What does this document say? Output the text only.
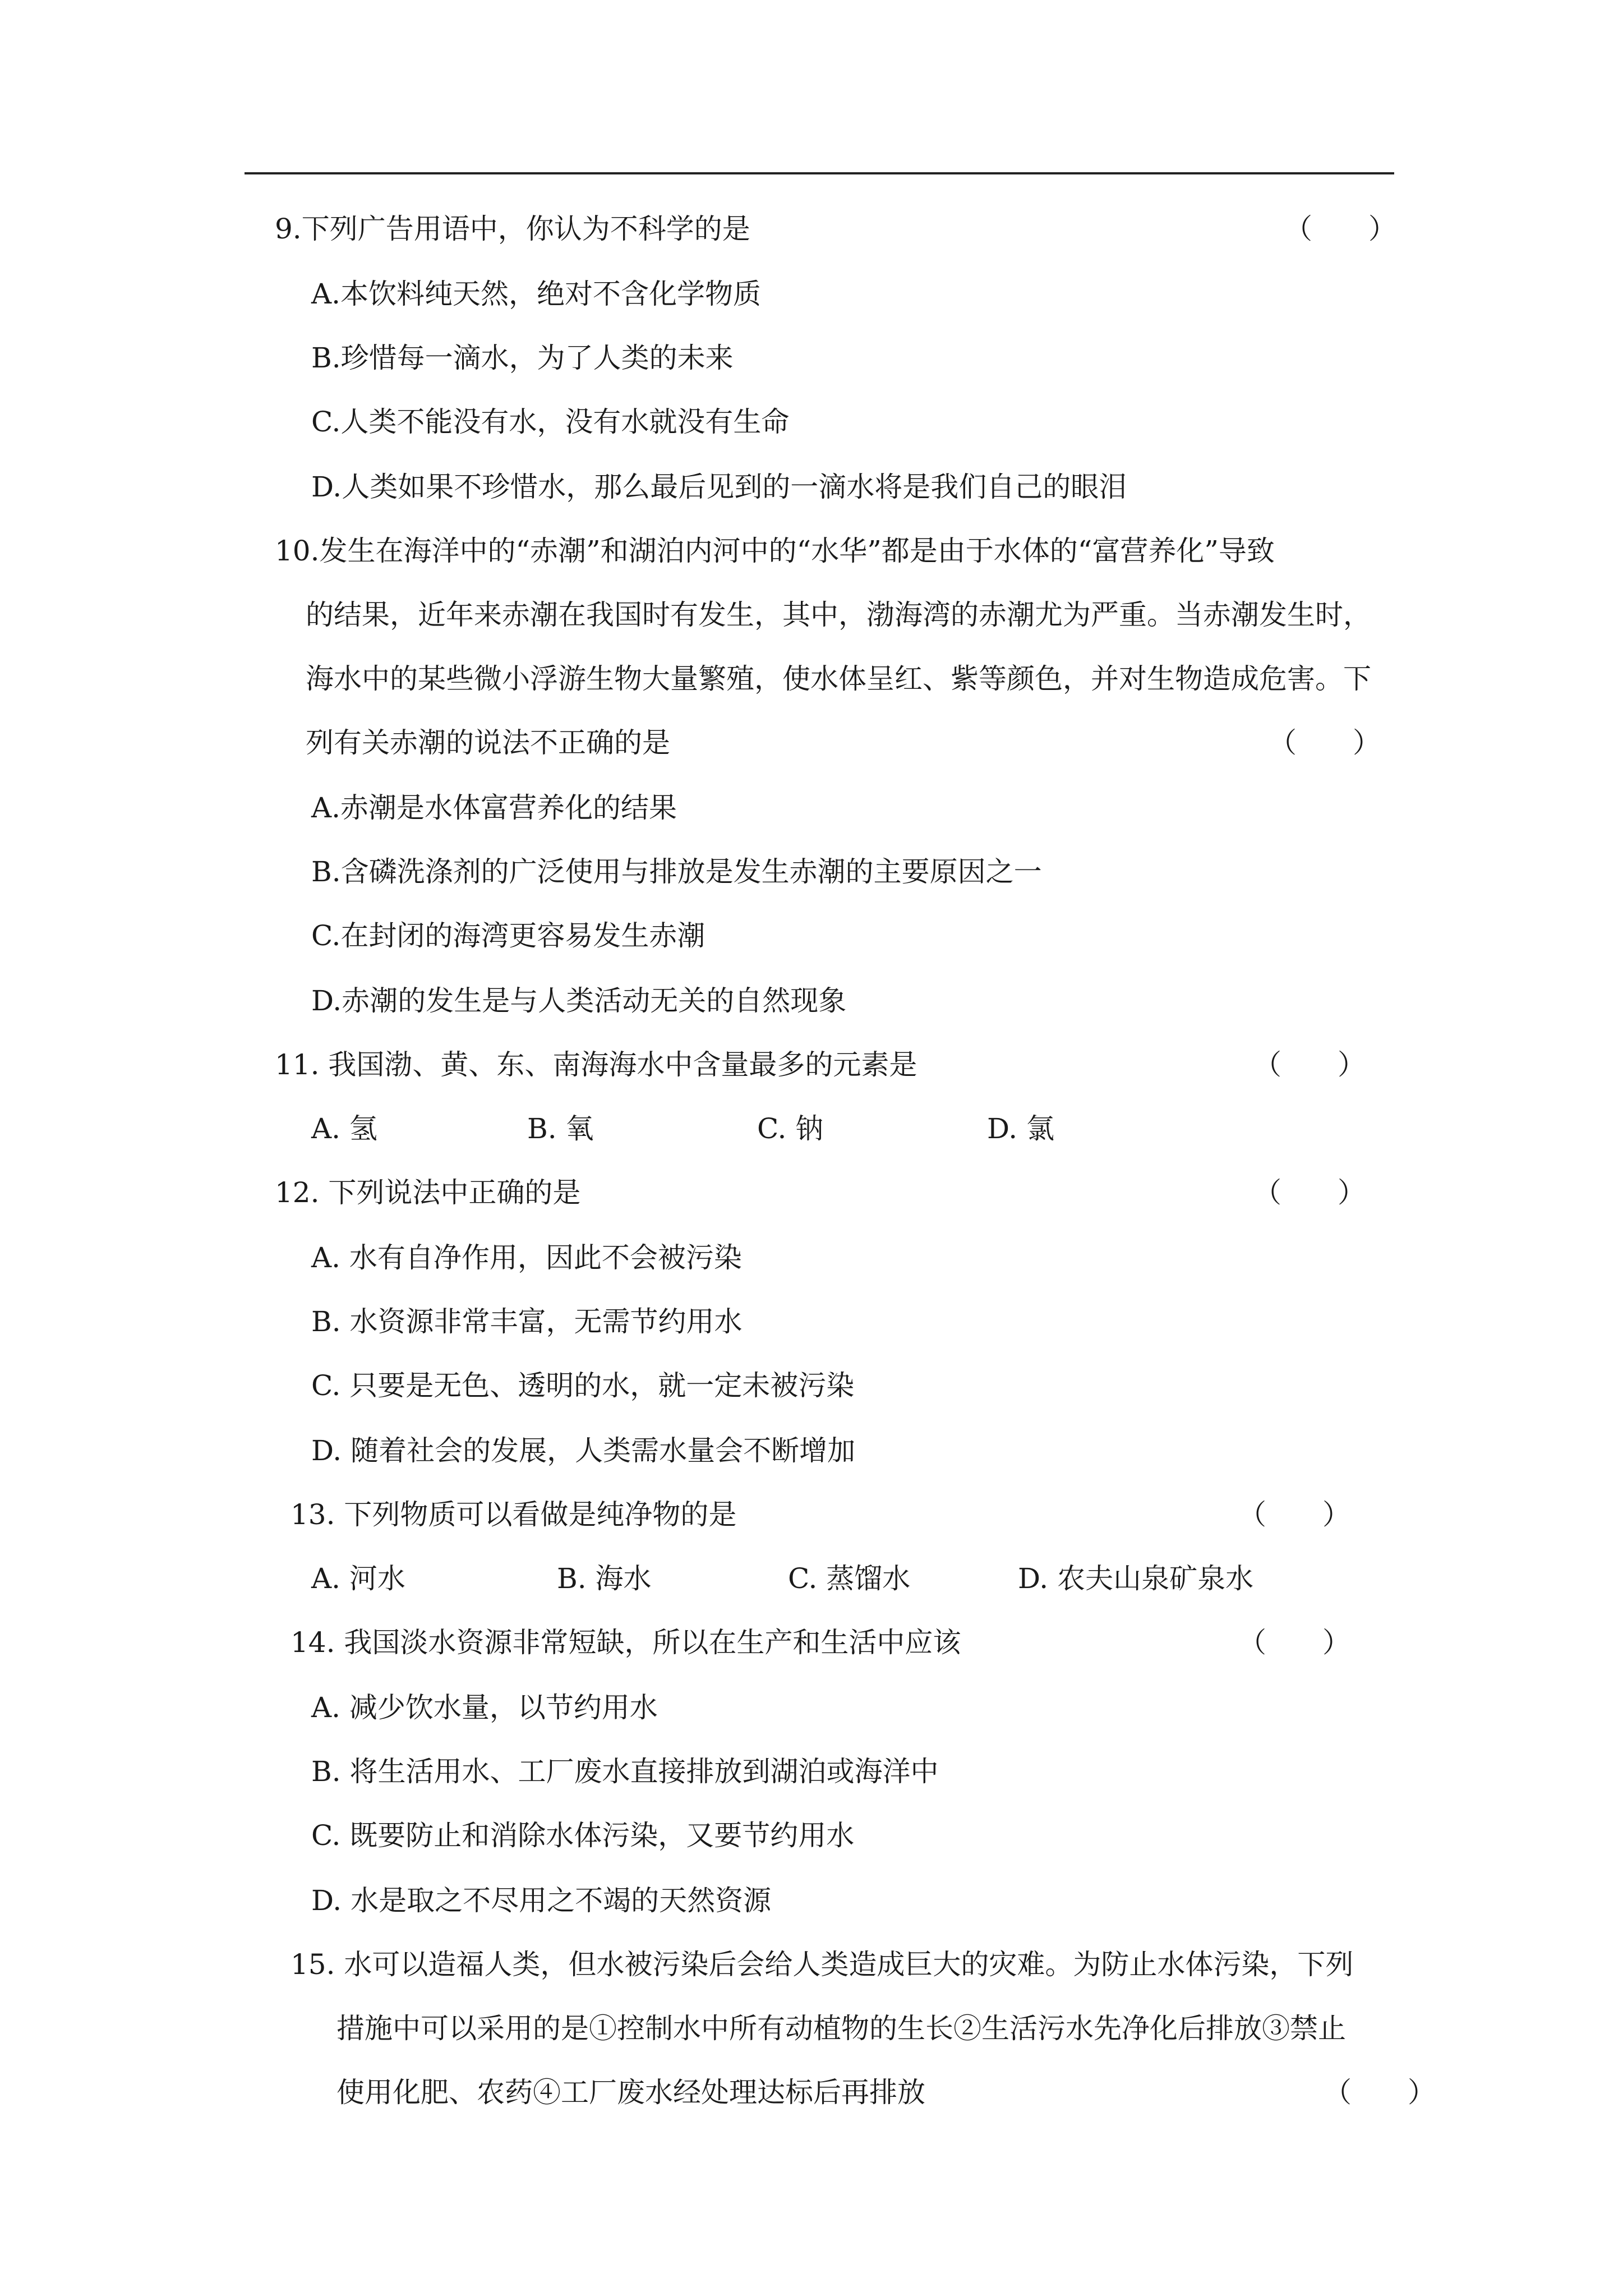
9.下列广告用语中，你认为不科学的是	（　　）
A.本饮料纯天然，绝对不含化学物质
B.珍惜每一滴水，为了人类的未来
C.人类不能没有水，没有水就没有生命
D.人类如果不珍惜水，那么最后见到的一滴水将是我们自己的眼泪
10.发生在海洋中的“赤潮”和湖泊内河中的“水华”都是由于水体的“富营养化”导致
的结果，近年来赤潮在我国时有发生，其中，渤海湾的赤潮尤为严重。当赤潮发生时，
海水中的某些微小浮游生物大量繁殖，使水体呈红、紫等颜色，并对生物造成危害。下
列有关赤潮的说法不正确的是	（　　）
A.赤潮是水体富营养化的结果
B.含磷洗涤剂的广泛使用与排放是发生赤潮的主要原因之一
C.在封闭的海湾更容易发生赤潮
D.赤潮的发生是与人类活动无关的自然现象
11. 我国渤、黄、东、南海海水中含量最多的元素是	（　　）
A. 氢	B. 氧	C. 钠	D. 氯
12. 下列说法中正确的是	（　　）
A. 水有自净作用，因此不会被污染
B. 水资源非常丰富，无需节约用水
C. 只要是无色、透明的水，就一定未被污染
D. 随着社会的发展，人类需水量会不断增加
13. 下列物质可以看做是纯净物的是	（　　）
A. 河水	B. 海水	C. 蒸馏水	D. 农夫山泉矿泉水
14. 我国淡水资源非常短缺，所以在生产和生活中应该	（　　）
A. 减少饮水量，以节约用水
B. 将生活用水、工厂废水直接排放到湖泊或海洋中
C. 既要防止和消除水体污染，又要节约用水
D. 水是取之不尽用之不竭的天然资源
15. 水可以造福人类，但水被污染后会给人类造成巨大的灾难。为防止水体污染，下列
措施中可以采用的是①控制水中所有动植物的生长②生活污水先净化后排放③禁止
使用化肥、农药④工厂废水经处理达标后再排放	（　　）
